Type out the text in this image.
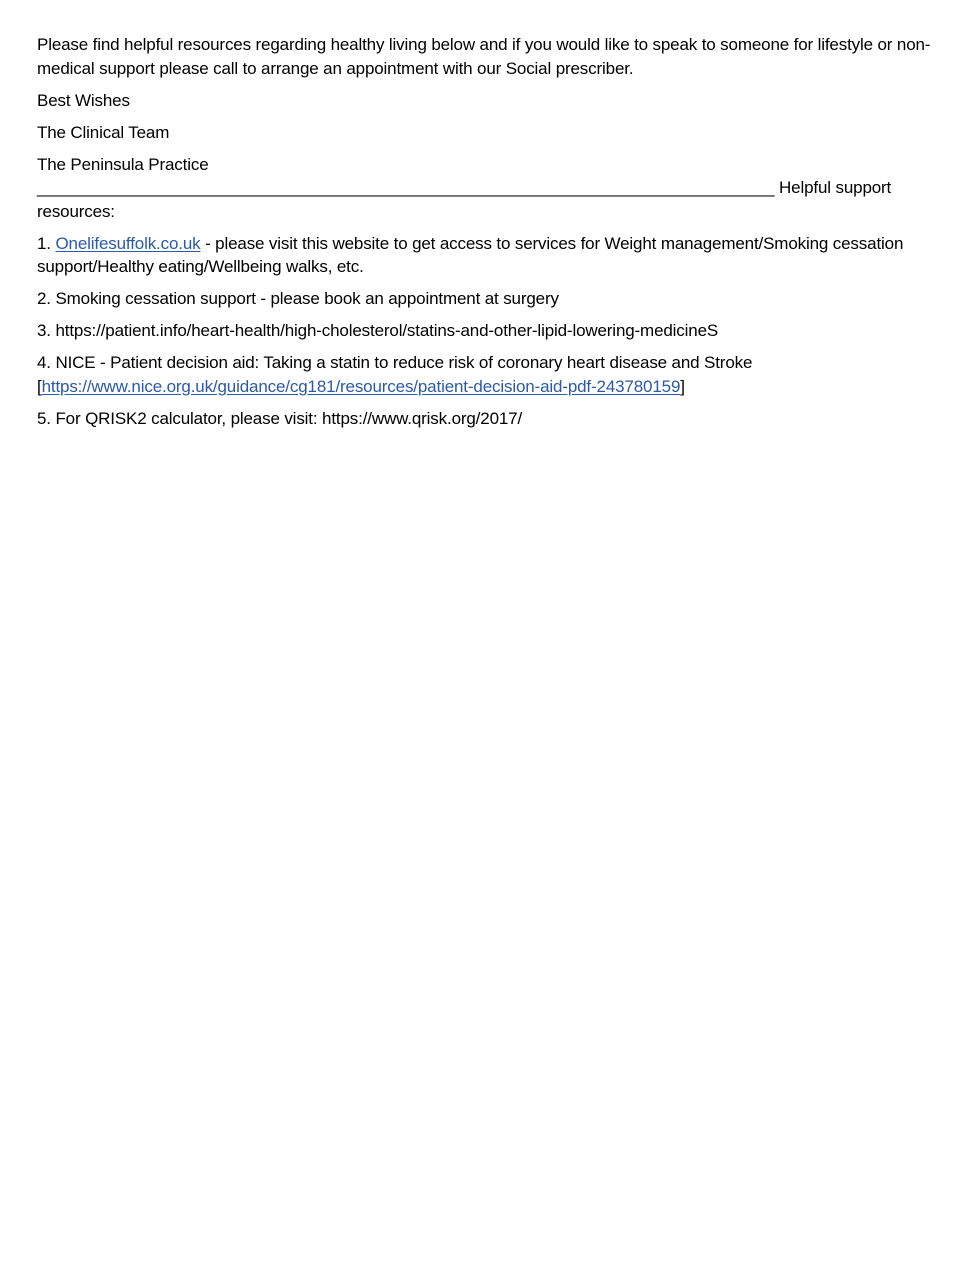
Please find helpful resources regarding healthy living below and if you would like to speak to someone for lifestyle or non-medical support please call to arrange an appointment with our Social prescriber.

Best Wishes

The Clinical Team

The Peninsula Practice

______________________________________________________________________________ Helpful support resources:

1. Onelifesuffolk.co.uk - please visit this website to get access to services for Weight management/Smoking cessation support/Healthy eating/Wellbeing walks, etc.

2. Smoking cessation support - please book an appointment at surgery

3. https://patient.info/heart-health/high-cholesterol/statins-and-other-lipid-lowering-medicineS

4. NICE - Patient decision aid: Taking a statin to reduce risk of coronary heart disease and Stroke
[https://www.nice.org.uk/guidance/cg181/resources/patient-decision-aid-pdf-243780159]

5. For QRISK2 calculator, please visit: https://www.qrisk.org/2017/
